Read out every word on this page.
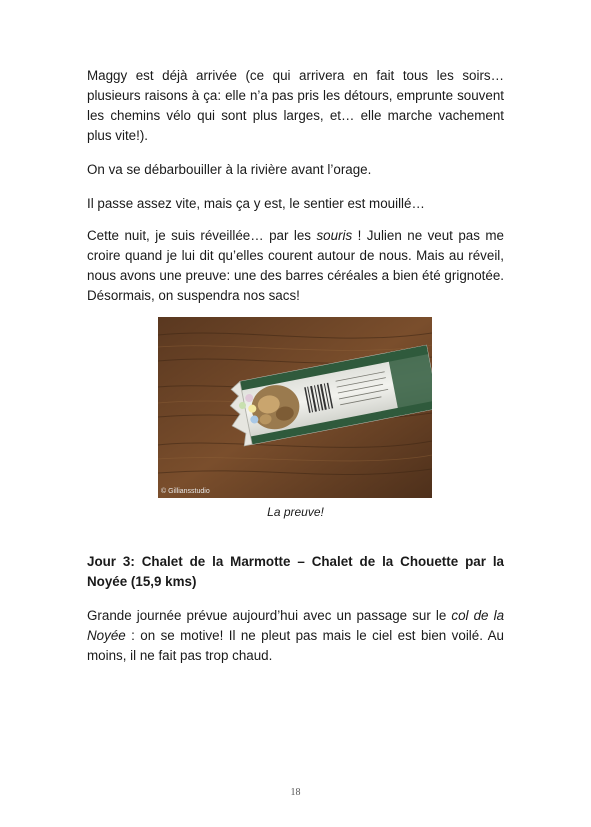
Maggy est déjà arrivée (ce qui arrivera en fait tous les soirs… plusieurs raisons à ça: elle n’a pas pris les détours, emprunte souvent les chemins vélo qui sont plus larges, et… elle marche vachement plus vite!).

On va se débarbouiller à la rivière avant l’orage.

Il passe assez vite, mais ça y est, le sentier est mouillé…

Cette nuit, je suis réveillée… par les souris ! Julien ne veut pas me croire quand je lui dit qu’elles courent autour de nous. Mais au réveil, nous avons une preuve: une des barres céréales a bien été grignotée. Désormais, on suspendra nos sacs!

© Gilliansstudio
La preuve!

Jour 3: Chalet de la Marmotte – Chalet de la Chouette par la Noyée (15,9 kms)

Grande journée prévue aujourd’hui avec un passage sur le col de la Noyée : on se motive! Il ne pleut pas mais le ciel est bien voilé. Au moins, il ne fait pas trop chaud.

18
